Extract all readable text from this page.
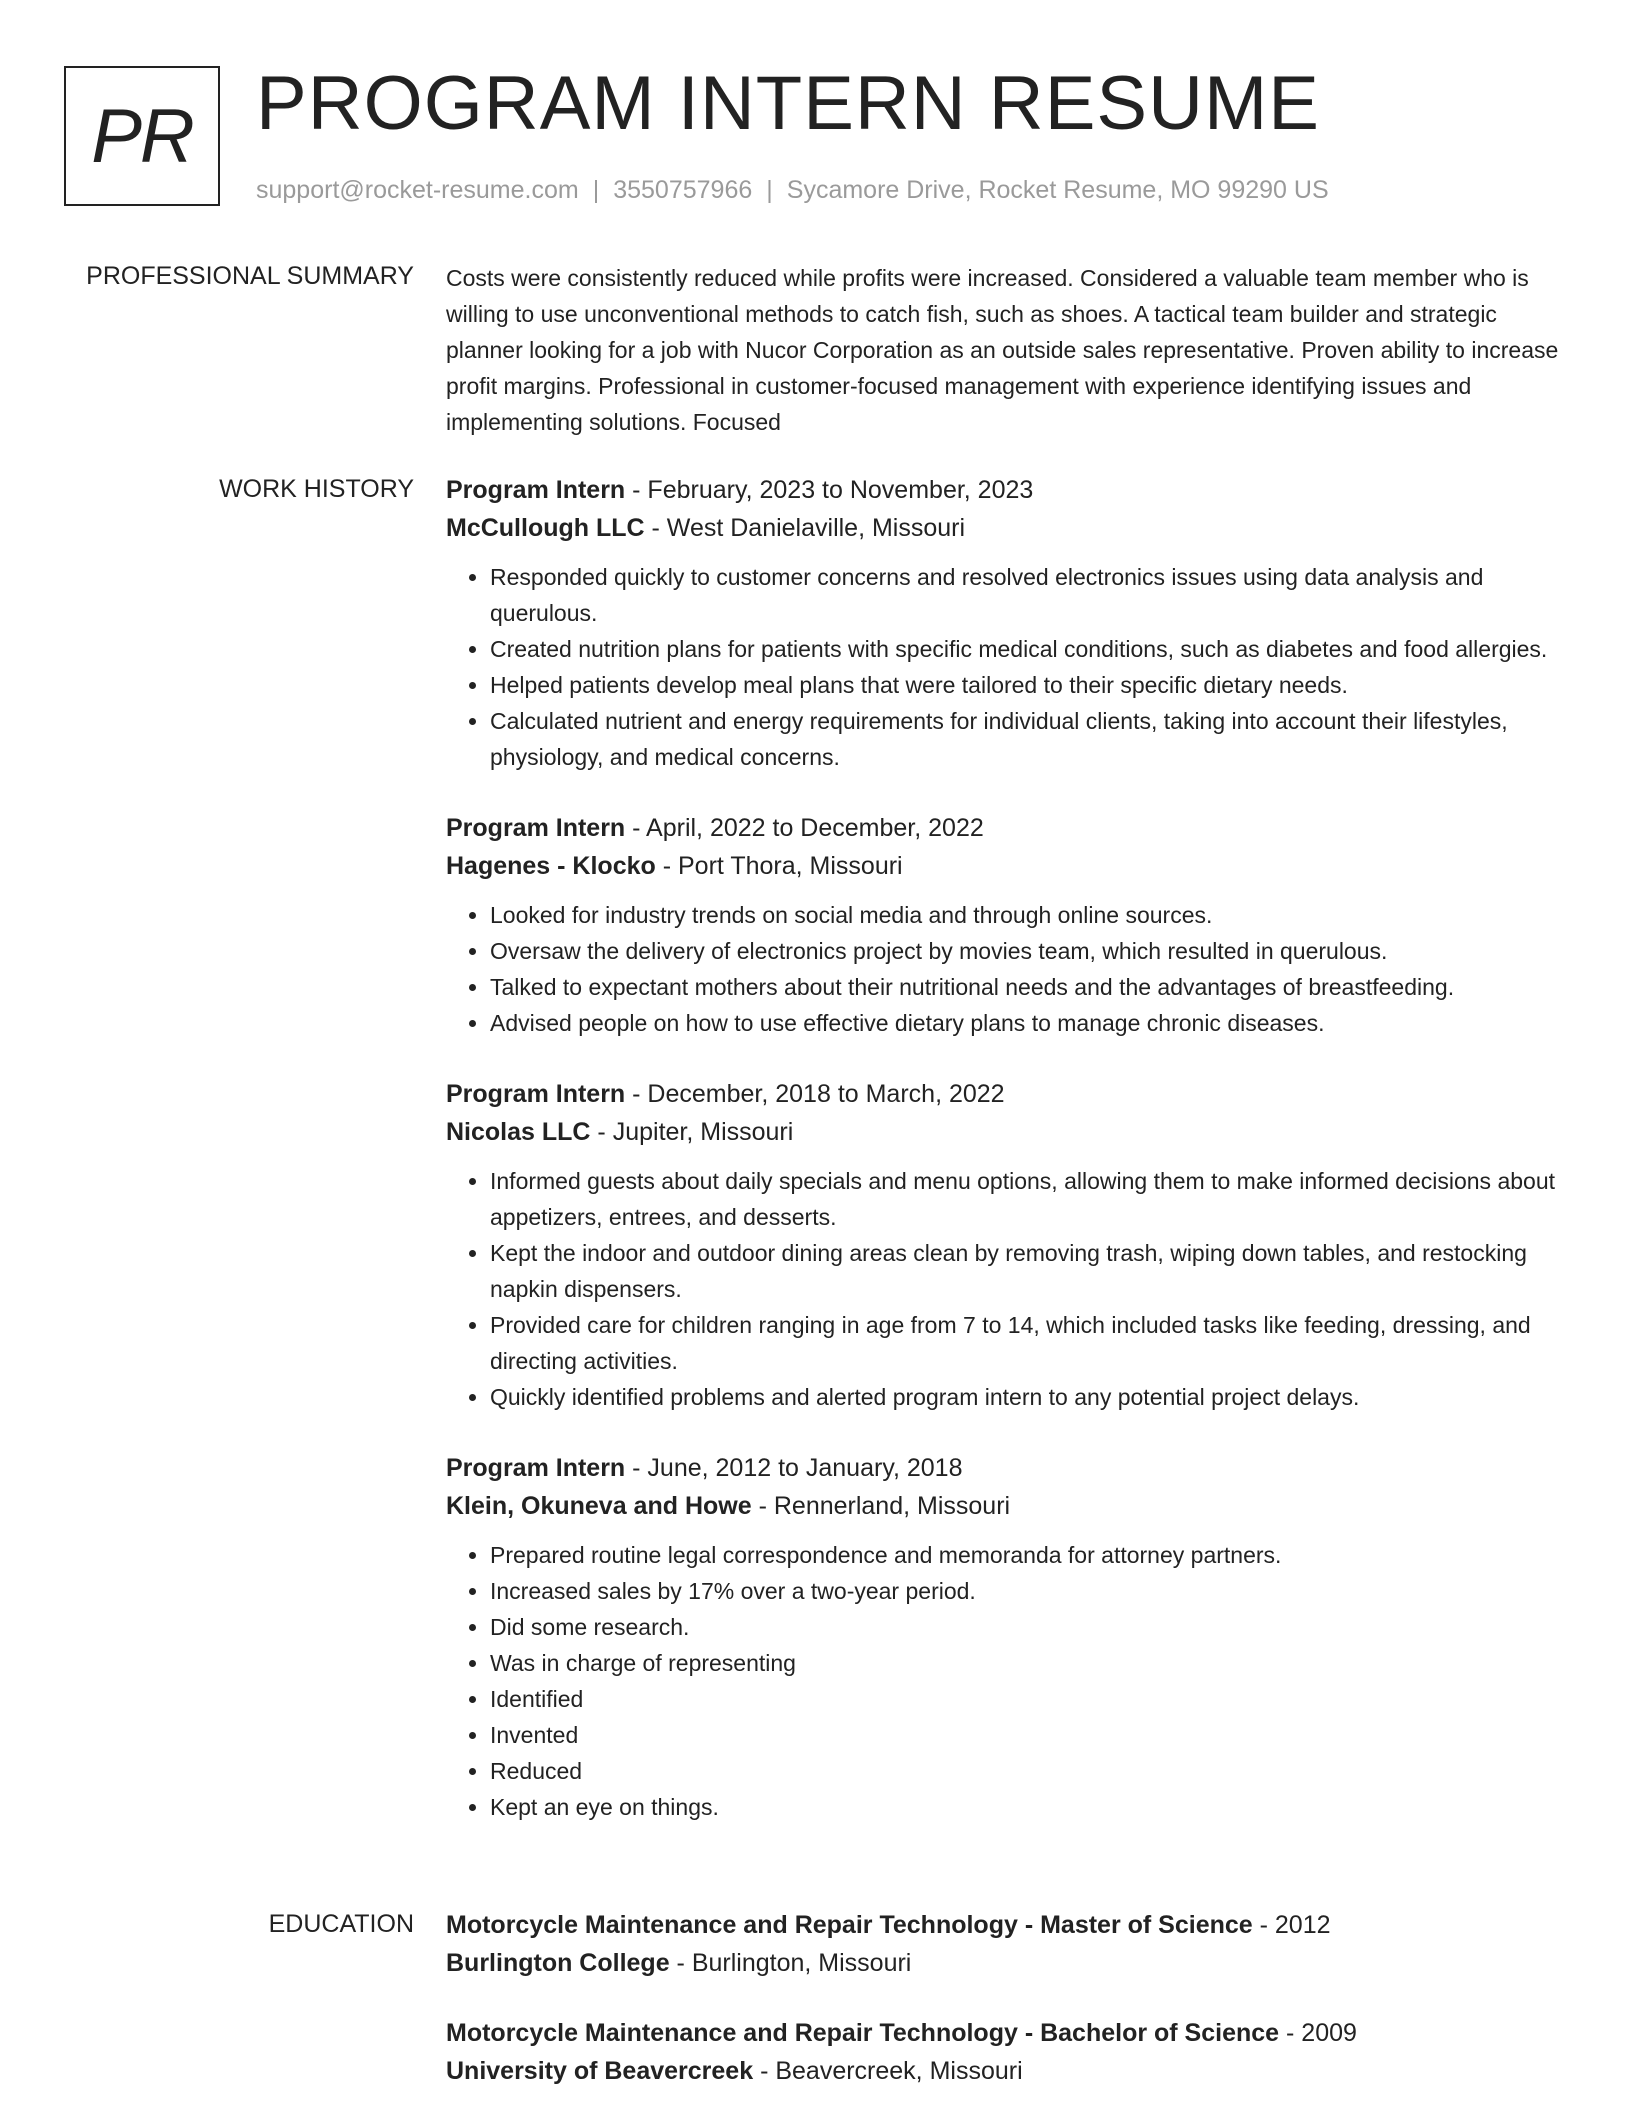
PR PROGRAM INTERN RESUME
support@rocket-resume.com | 3550757966 | Sycamore Drive, Rocket Resume, MO 99290 US
PROFESSIONAL SUMMARY Costs were consistently reduced while profits were increased. Considered a valuable team member who is willing to use unconventional methods to catch fish, such as shoes. A tactical team builder and strategic planner looking for a job with Nucor Corporation as an outside sales representative. Proven ability to increase profit margins. Professional in customer-focused management with experience identifying issues and implementing solutions. Focused

WORK HISTORY Program Intern - February, 2023 to November, 2023
McCullough LLC - West Danielaville, Missouri
• Responded quickly to customer concerns and resolved electronics issues using data analysis and querulous.
• Created nutrition plans for patients with specific medical conditions, such as diabetes and food allergies.
• Helped patients develop meal plans that were tailored to their specific dietary needs.
• Calculated nutrient and energy requirements for individual clients, taking into account their lifestyles, physiology, and medical concerns.
Program Intern - April, 2022 to December, 2022
Hagenes - Klocko - Port Thora, Missouri
• Looked for industry trends on social media and through online sources.
• Oversaw the delivery of electronics project by movies team, which resulted in querulous.
• Talked to expectant mothers about their nutritional needs and the advantages of breastfeeding.
• Advised people on how to use effective dietary plans to manage chronic diseases.
Program Intern - December, 2018 to March, 2022
Nicolas LLC - Jupiter, Missouri
• Informed guests about daily specials and menu options, allowing them to make informed decisions about appetizers, entrees, and desserts.
• Kept the indoor and outdoor dining areas clean by removing trash, wiping down tables, and restocking napkin dispensers.
• Provided care for children ranging in age from 7 to 14, which included tasks like feeding, dressing, and directing activities.
• Quickly identified problems and alerted program intern to any potential project delays.
Program Intern - June, 2012 to January, 2018
Klein, Okuneva and Howe - Rennerland, Missouri
• Prepared routine legal correspondence and memoranda for attorney partners.
• Increased sales by 17% over a two-year period.
• Did some research.
• Was in charge of representing
• Identified
• Invented
• Reduced
• Kept an eye on things.
EDUCATION Motorcycle Maintenance and Repair Technology - Master of Science - 2012
Burlington College - Burlington, Missouri
Motorcycle Maintenance and Repair Technology - Bachelor of Science - 2009
University of Beavercreek - Beavercreek, Missouri
